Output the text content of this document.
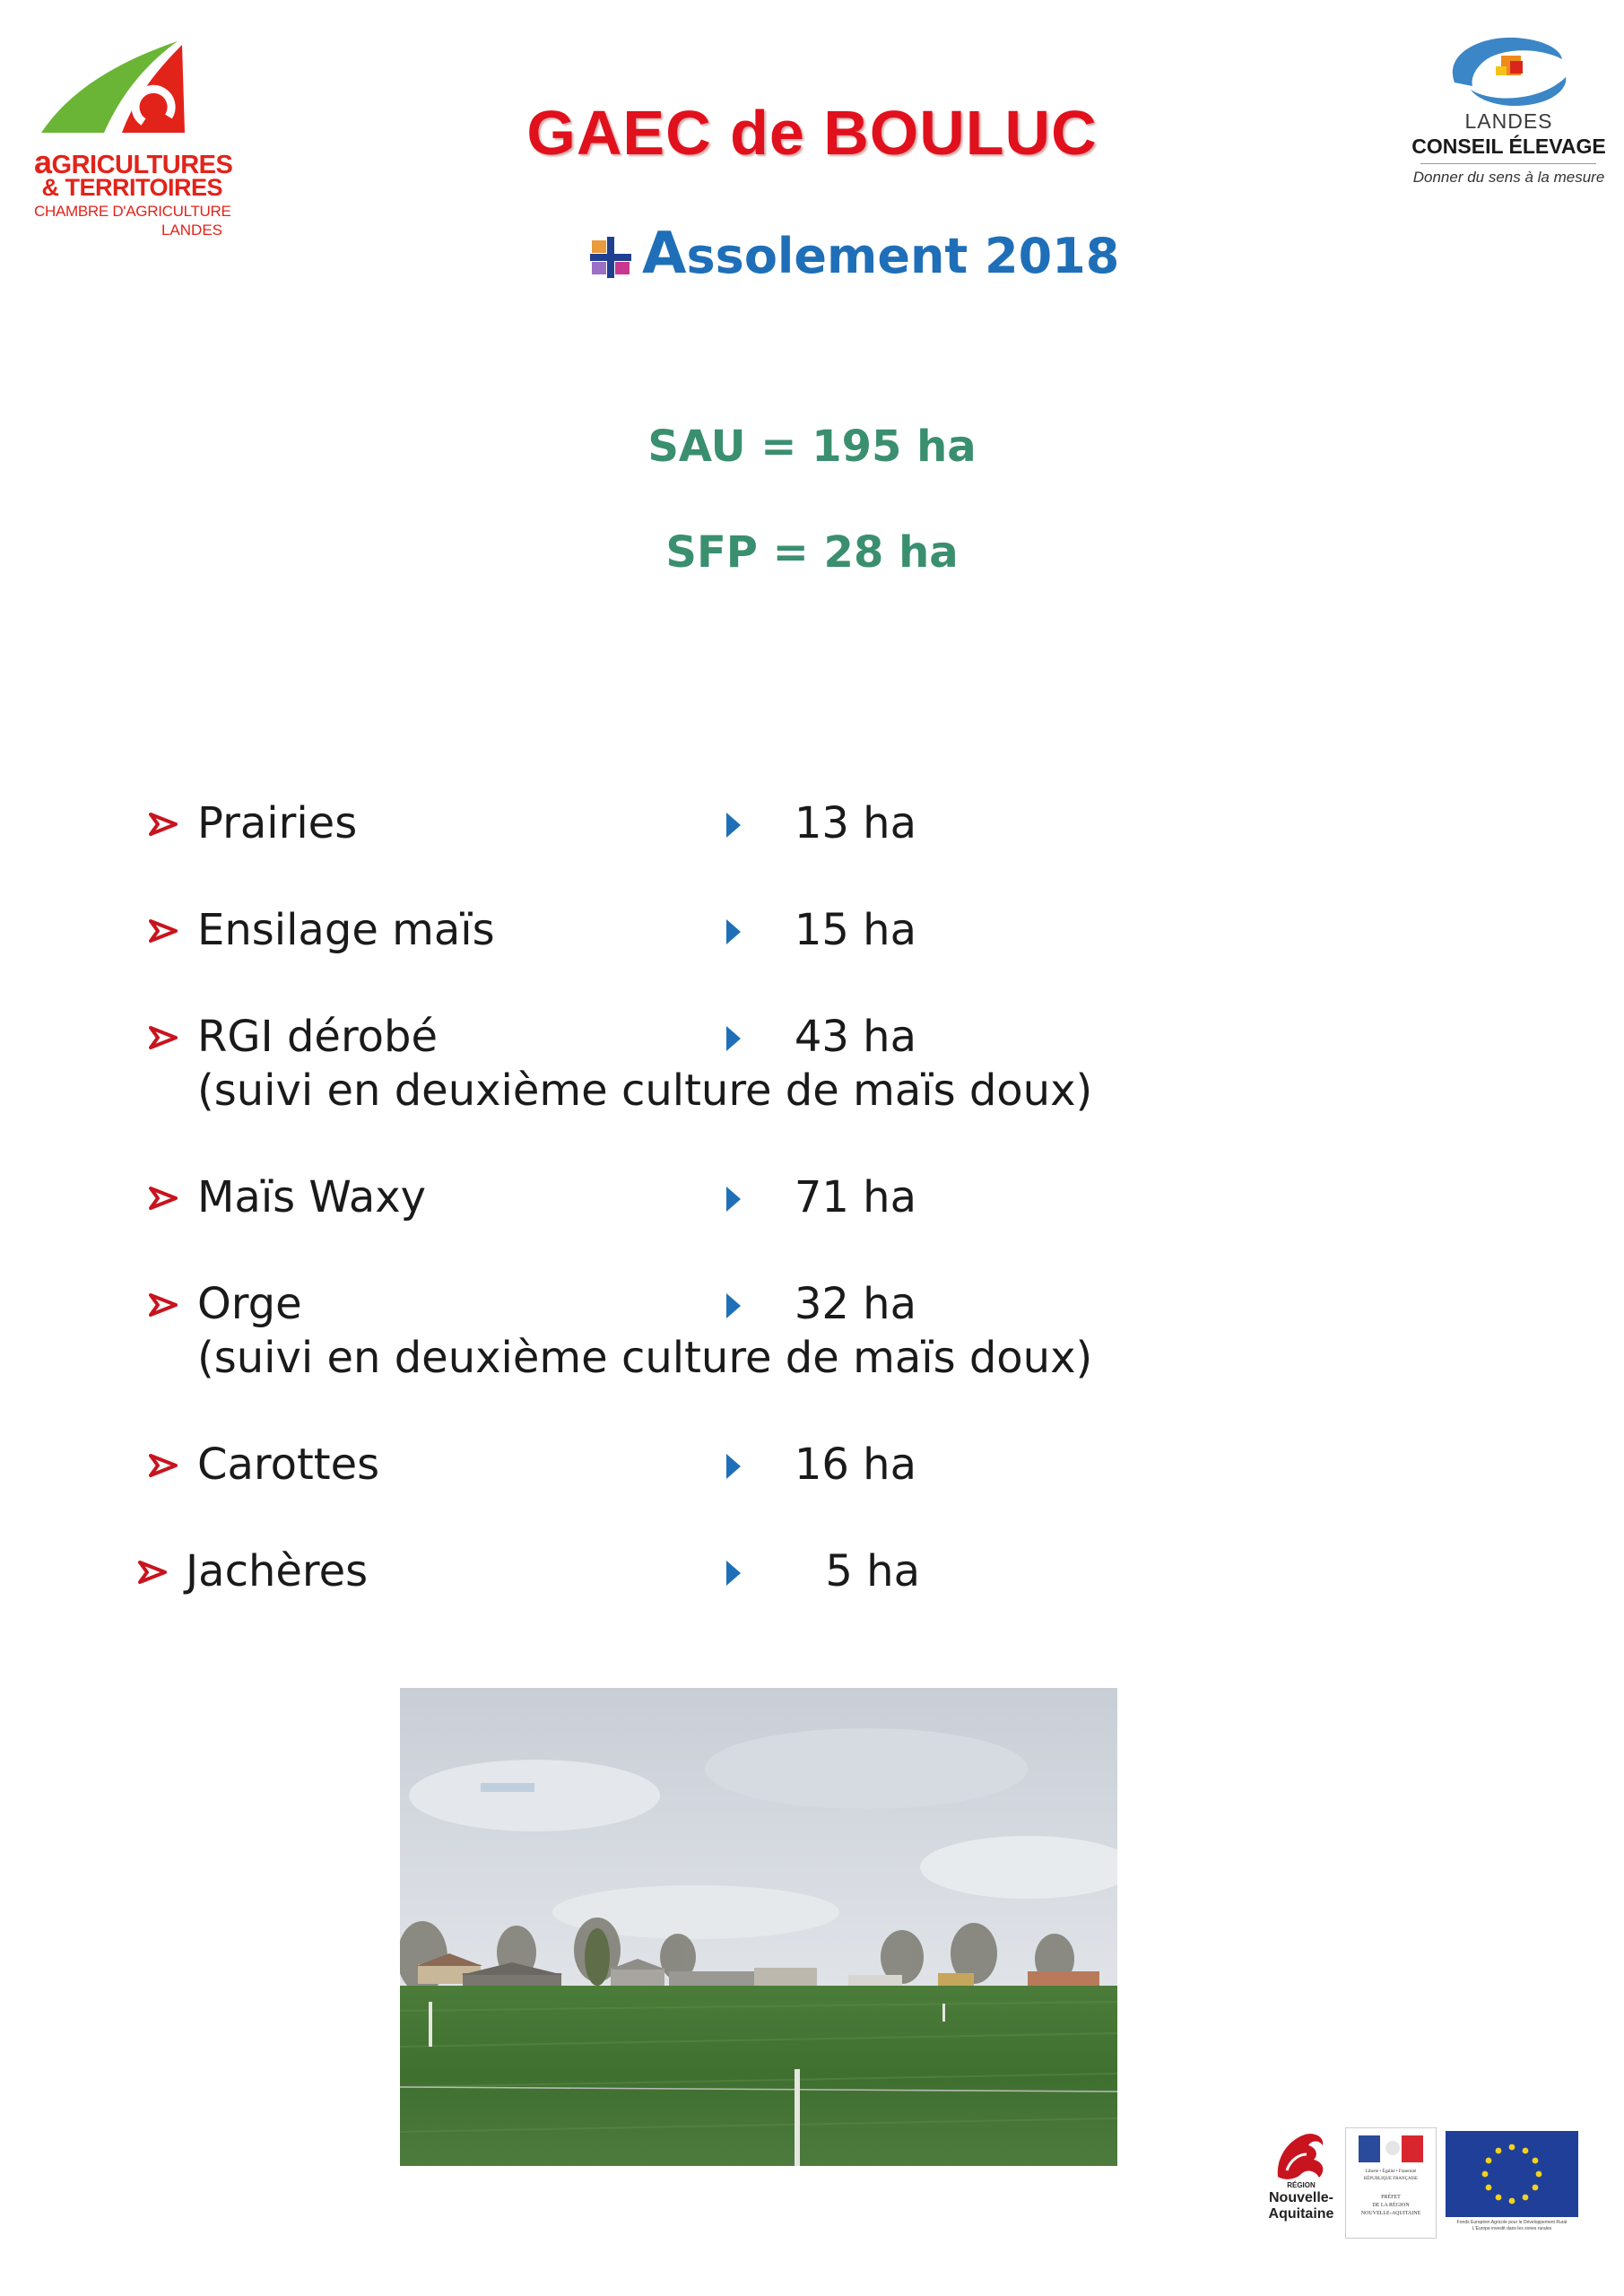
aGRICULTURES
& TERRITOIRES
CHAMBRE D'AGRICULTURE
LANDES
LANDES
CONSEIL ÉLEVAGE
Donner du sens à la mesure
GAEC de BOULUC
Assolement 2018
SAU = 195 ha
SFP = 28 ha
Prairies	13 ha
Ensilage maïs	15 ha
RGI dérobé	43 ha
(suivi en deuxième culture de maïs doux)
Maïs Waxy	71 ha
Orge	32 ha
(suivi en deuxième culture de maïs doux)
Carottes	16 ha
Jachères	5 ha
RÉGION
Nouvelle-
Aquitaine
Liberté • Égalité • Fraternité
RÉPUBLIQUE FRANÇAISE
PRÉFET
DE LA RÉGION
NOUVELLE-AQUITAINE
Fonds Européen Agricole pour le Développement Rural
L'Europe investit dans les zones rurales
